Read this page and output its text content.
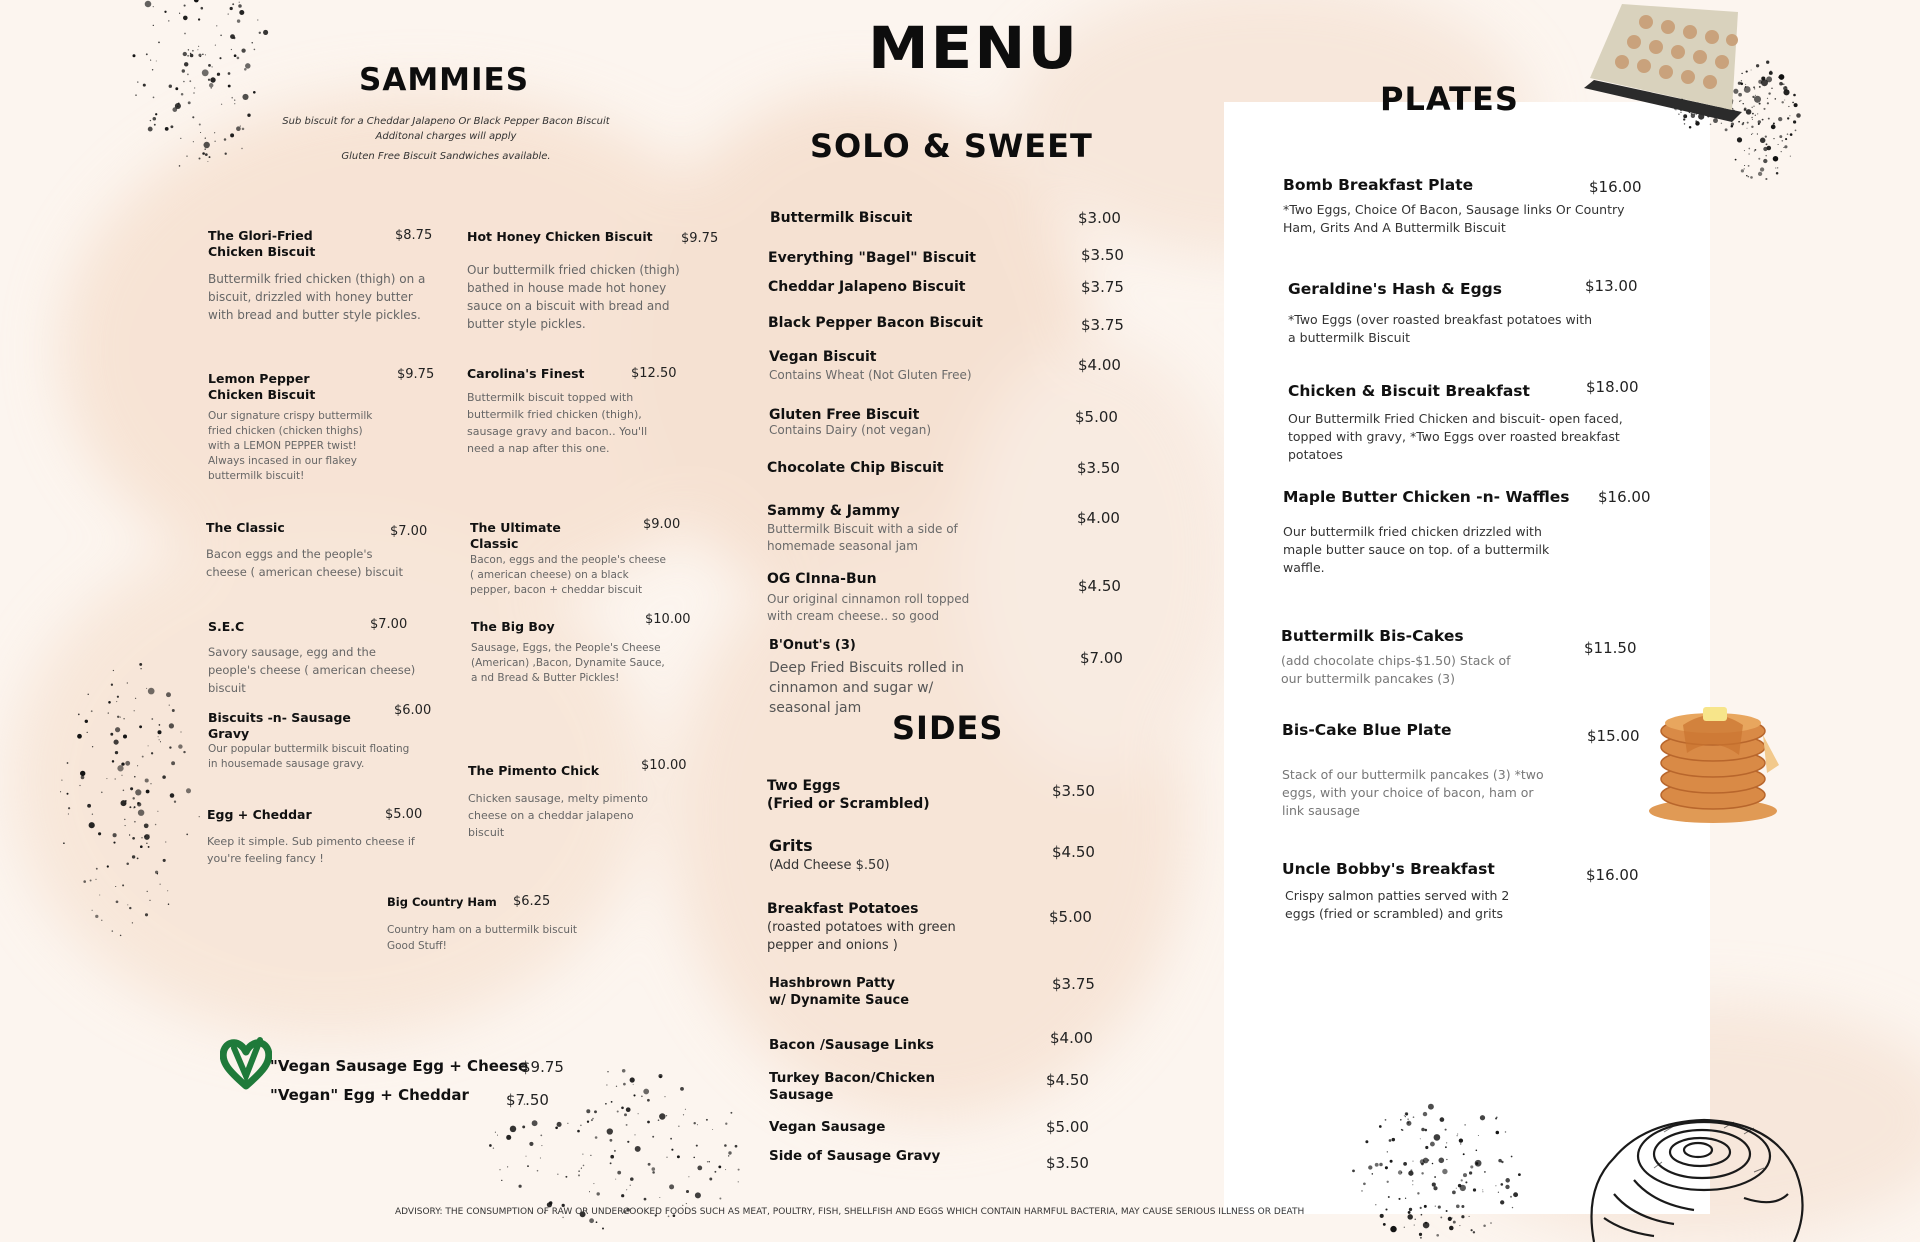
MENU
SAMMIES
SOLO & SWEET
PLATES
SIDES
Sub biscuit for a Cheddar Jalapeno Or Black Pepper Bacon Biscuit
Additonal charges will apply
Gluten Free Biscuit Sandwiches available.
The Glori-Fried Chicken Biscuit
$8.75
Buttermilk fried chicken (thigh) on a biscuit, drizzled with honey butter with bread and butter style pickles.
Hot Honey Chicken Biscuit	$9.75
Our buttermilk fried chicken (thigh) bathed in house made hot honey sauce on a biscuit with bread and butter style pickles.
Lemon Pepper Chicken Biscuit
$9.75
Our signature crispy buttermilk fried chicken (chicken thighs) with a LEMON PEPPER twist! Always incased in our flakey buttermilk biscuit!
Carolina's Finest	$12.50
Buttermilk biscuit topped with buttermilk fried chicken (thigh), sausage gravy and bacon.. You'll need a nap after this one.
The Classic	$7.00
Bacon eggs and the people's cheese ( american cheese) biscuit
The Ultimate Classic
$9.00
Bacon, eggs and the people's cheese ( american cheese) on a black pepper, bacon + cheddar biscuit
S.E.C	$7.00
Savory sausage, egg and the people's cheese ( american cheese) biscuit
The Big Boy	$10.00
Sausage, Eggs, the People's Cheese (American) ,Bacon, Dynamite Sauce, a nd Bread & Butter Pickles!
Biscuits -n- Sausage Gravy
$6.00
Our popular buttermilk biscuit floating in housemade sausage gravy.	The Pimento Chick	$10.00
Chicken sausage, melty pimento cheese on a cheddar jalapeno biscuit
Egg + Cheddar	$5.00
Keep it simple. Sub pimento cheese if you're feeling fancy !
Big Country Ham	$6.25
Country ham on a buttermilk biscuit Good Stuff!
"Vegan Sausage Egg + Cheese
$9.75
"Vegan" Egg + Cheddar	$7.50
Buttermilk Biscuit	$3.00
Everything "Bagel" Biscuit	$3.50
Cheddar Jalapeno Biscuit	$3.75
Black Pepper Bacon Biscuit	$3.75
Vegan Biscuit	$4.00
Contains Wheat (Not Gluten Free)
Gluten Free Biscuit	$5.00
Contains Dairy (not vegan)
Chocolate Chip Biscuit	$3.50
Sammy & Jammy	$4.00
Buttermilk Biscuit with a side of homemade seasonal jam
OG CInna-Bun	$4.50
Our original cinnamon roll topped with cream cheese.. so good
B'Onut's (3)
$7.00
Deep Fried Biscuits rolled in cinnamon and sugar w/ seasonal jam
Two Eggs
(Fried or Scrambled)
$3.50
Grits
(Add Cheese $.50)
$4.50
Breakfast Potatoes
(roasted potatoes with green pepper and onions )
$5.00
Hashbrown Patty
w/ Dynamite Sauce
$3.75
Bacon /Sausage Links	$4.00
Turkey Bacon/Chicken
Sausage
$4.50
Vegan Sausage	$5.00
Side of Sausage Gravy	$3.50
Bomb Breakfast Plate	$16.00
*Two Eggs, Choice Of Bacon, Sausage links Or Country Ham, Grits And A Buttermilk Biscuit
Geraldine's Hash & Eggs	$13.00
*Two Eggs (over roasted breakfast potatoes with a buttermilk Biscuit
Chicken & Biscuit Breakfast	$18.00
Our Buttermilk Fried Chicken and biscuit- open faced, topped with gravy, *Two Eggs over roasted breakfast potatoes
Maple Butter Chicken -n- Waffles	$16.00
Our buttermilk fried chicken drizzled with maple butter sauce on top. of a buttermilk waffle.
Buttermilk Bis-Cakes
$11.50
(add chocolate chips-$1.50) Stack of our buttermilk pancakes (3)
Bis-Cake Blue Plate	$15.00
Stack of our buttermilk pancakes (3) *two eggs, with your choice of bacon, ham or link sausage
Uncle Bobby's Breakfast	$16.00
Crispy salmon patties served with 2 eggs (fried or scrambled) and grits
ADVISORY: THE CONSUMPTION OF RAW OR UNDERCOOKED FOODS SUCH AS MEAT, POULTRY, FISH, SHELLFISH AND EGGS WHICH CONTAIN HARMFUL BACTERIA, MAY CAUSE SERIOUS ILLNESS OR DEATH
